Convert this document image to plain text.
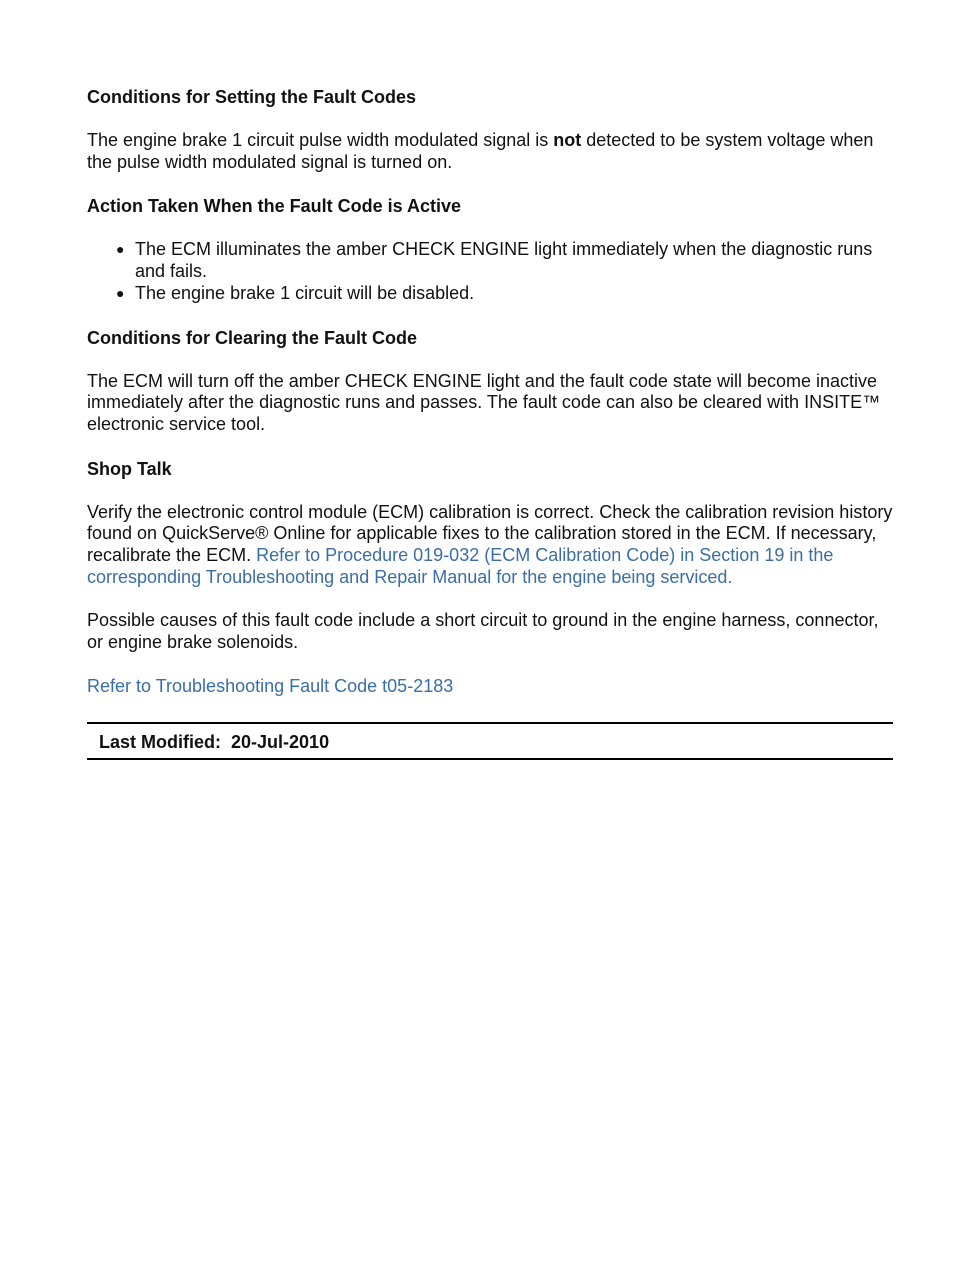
Conditions for Setting the Fault Codes

The engine brake 1 circuit pulse width modulated signal is not detected to be system voltage when the pulse width modulated signal is turned on.

Action Taken When the Fault Code is Active
● The ECM illuminates the amber CHECK ENGINE light immediately when the diagnostic runs and fails.
● The engine brake 1 circuit will be disabled.
Conditions for Clearing the Fault Code

The ECM will turn off the amber CHECK ENGINE light and the fault code state will become inactive immediately after the diagnostic runs and passes. The fault code can also be cleared with INSITE™ electronic service tool.

Shop Talk

Verify the electronic control module (ECM) calibration is correct. Check the calibration revision history found on QuickServe® Online for applicable fixes to the calibration stored in the ECM. If necessary, recalibrate the ECM. Refer to Procedure 019-032 (ECM Calibration Code) in Section 19 in the corresponding Troubleshooting and Repair Manual for the engine being serviced.

Possible causes of this fault code include a short circuit to ground in the engine harness, connector, or engine brake solenoids.

Refer to Troubleshooting Fault Code t05-2183

Last Modified: 20-Jul-2010
